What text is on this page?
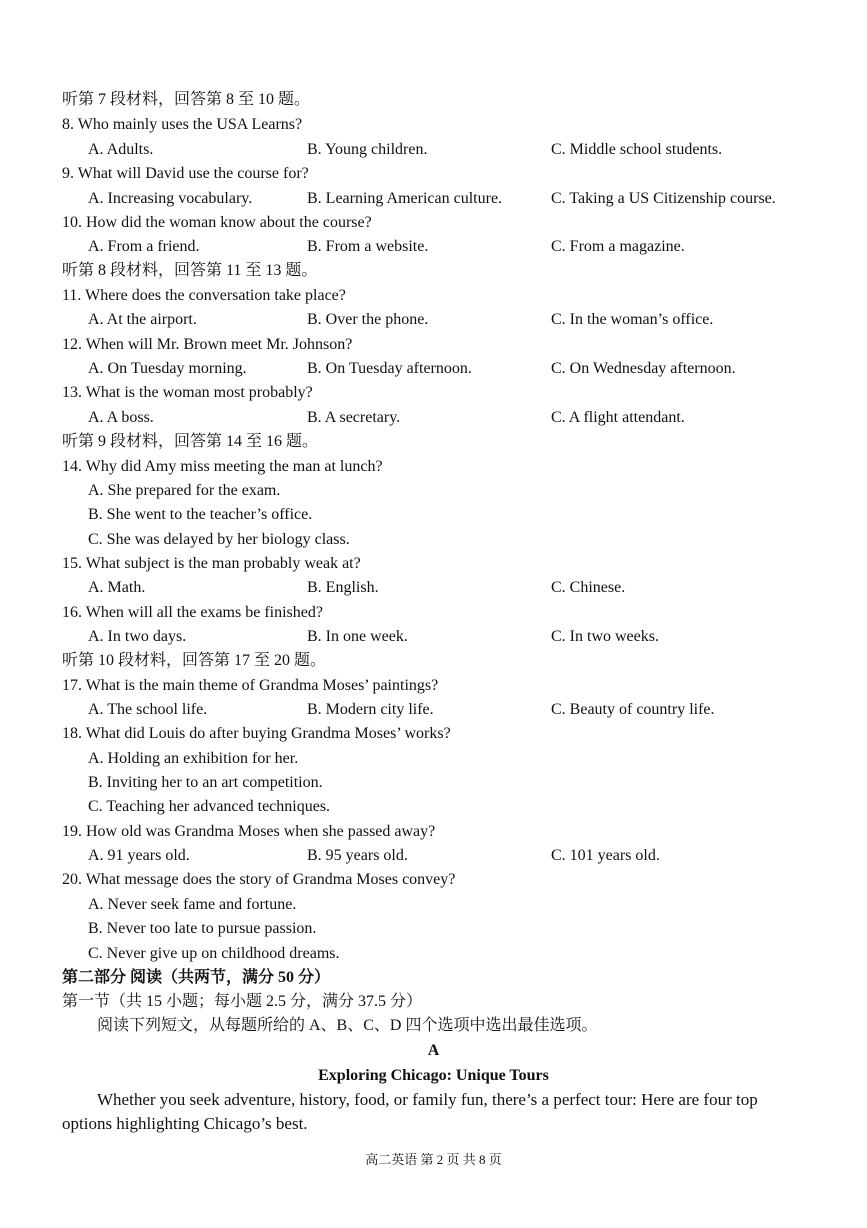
听第 7 段材料，回答第 8 至 10 题。
8. Who mainly uses the USA Learns?
A. Adults.	B. Young children.	C. Middle school students.
9. What will David use the course for?
A. Increasing vocabulary.	B. Learning American culture.	C. Taking a US Citizenship course.
10. How did the woman know about the course?
A. From a friend.	B. From a website.	C. From a magazine.
听第 8 段材料，回答第 11 至 13 题。
11. Where does the conversation take place?
A. At the airport.	B. Over the phone.	C. In the woman’s office.
12. When will Mr. Brown meet Mr. Johnson?
A. On Tuesday morning.	B. On Tuesday afternoon.	C. On Wednesday afternoon.
13. What is the woman most probably?
A. A boss.	B. A secretary.	C. A flight attendant.
听第 9 段材料，回答第 14 至 16 题。
14. Why did Amy miss meeting the man at lunch?
A. She prepared for the exam.
B. She went to the teacher’s office.
C. She was delayed by her biology class.
15. What subject is the man probably weak at?
A. Math.	B. English.	C. Chinese.
16. When will all the exams be finished?
A. In two days.	B. In one week.	C. In two weeks.
听第 10 段材料，回答第 17 至 20 题。
17. What is the main theme of Grandma Moses’ paintings?
A. The school life.	B. Modern city life.	C. Beauty of country life.
18. What did Louis do after buying Grandma Moses’ works?
A. Holding an exhibition for her.
B. Inviting her to an art competition.
C. Teaching her advanced techniques.
19. How old was Grandma Moses when she passed away?
A. 91 years old.	B. 95 years old.	C. 101 years old.
20. What message does the story of Grandma Moses convey?
A. Never seek fame and fortune.
B. Never too late to pursue passion.
C. Never give up on childhood dreams.
第二部分 阅读（共两节，满分 50 分）
第一节（共 15 小题；每小题 2.5 分，满分 37.5 分）
阅读下列短文，从每题所给的 A、B、C、D 四个选项中选出最佳选项。
A
Exploring Chicago: Unique Tours
Whether you seek adventure, history, food, or family fun, there’s a perfect tour: Here are four top
options highlighting Chicago’s best.
高二英语 第 2 页 共 8 页
